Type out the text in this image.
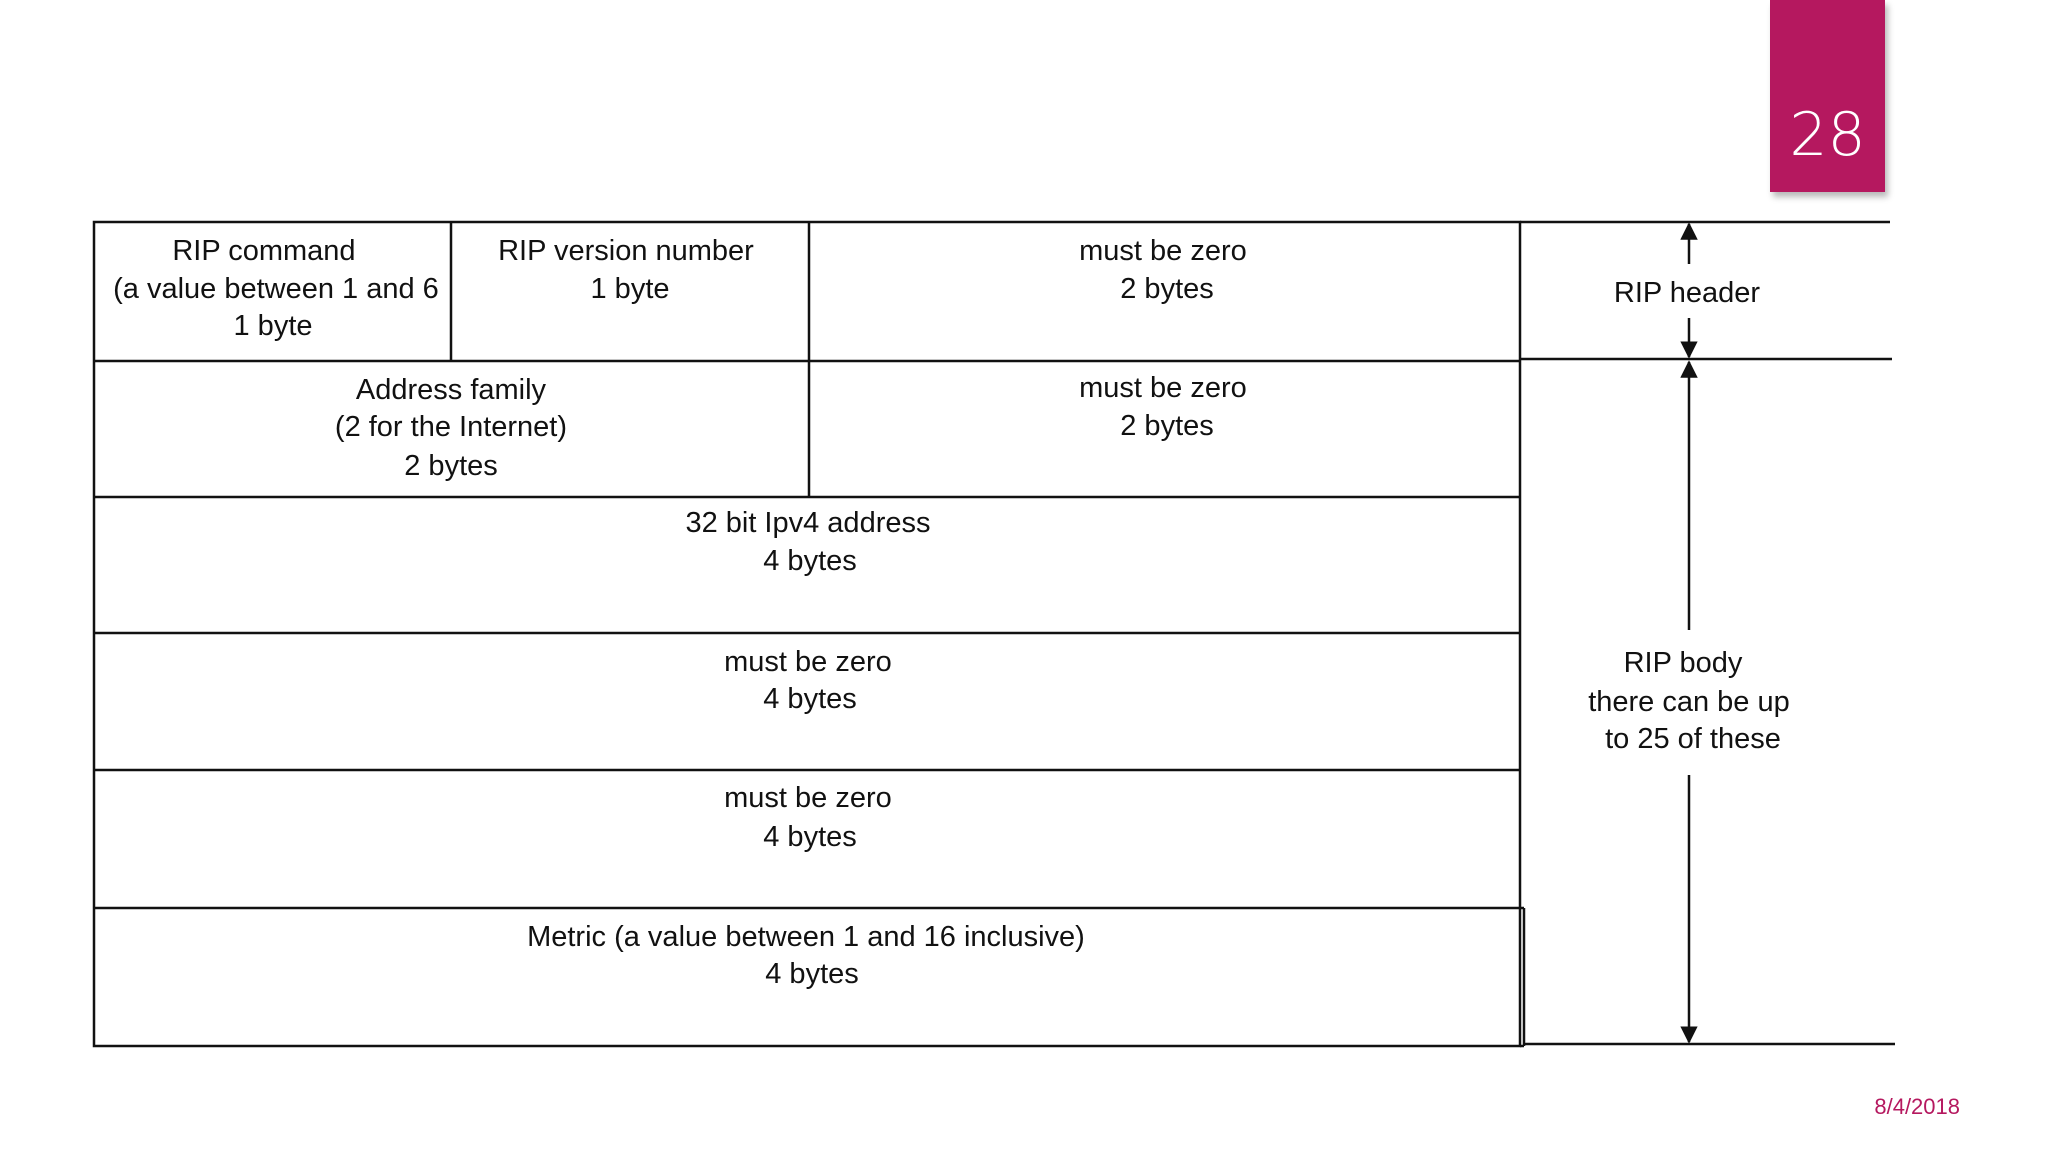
28
RIP command (a value between 1 and 6 1 byte
RIP version number 1 byte
must be zero 2 bytes
Address family (2 for the Internet) 2 bytes
must be zero 2 bytes
32 bit Ipv4 address 4 bytes
must be zero 4 bytes
must be zero 4 bytes
Metric (a value between 1 and 16 inclusive) 4 bytes
RIP header
RIP body there can be up to 25 of these
8/4/2018
